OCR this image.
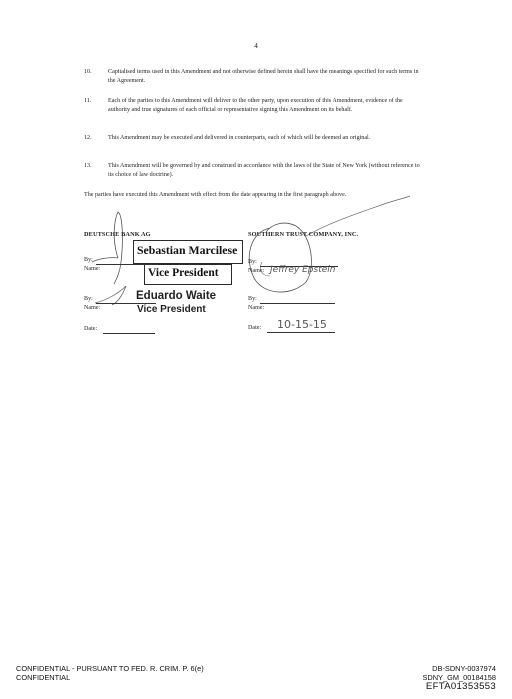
4
10.	Capitalised terms used in this Amendment and not otherwise defined herein shall have the meanings specified for such terms in the Agreement.
11.	Each of the parties to this Amendment will deliver to the other party, upon execution of this Amendment, evidence of the authority and true signatures of each official or representative signing this Amendment on its behalf.
12.	This Amendment may be executed and delivered in counterparts, each of which will be deemed an original.
13.	This Amendment will be governed by and construed in accordance with the laws of the State of New York (without reference to its choice of law doctrine).
The parties have executed this Amendment with effect from the date appearing in the first paragraph above.
DEUTSCHE BANK AG
Sebastian Marcilese
Vice President
By:
Name:
Eduardo Waite
Vice President
By:
Name:
Date:
SOUTHERN TRUST COMPANY, INC.
By:
Name: Jeffrey Epstein
By:
Name:
Date: 10-15-15
CONFIDENTIAL - PURSUANT TO FED. R. CRIM. P. 6(e)
CONFIDENTIAL
DB-SDNY-0037974
SDNY_GM_00184158
EFTA01353553
